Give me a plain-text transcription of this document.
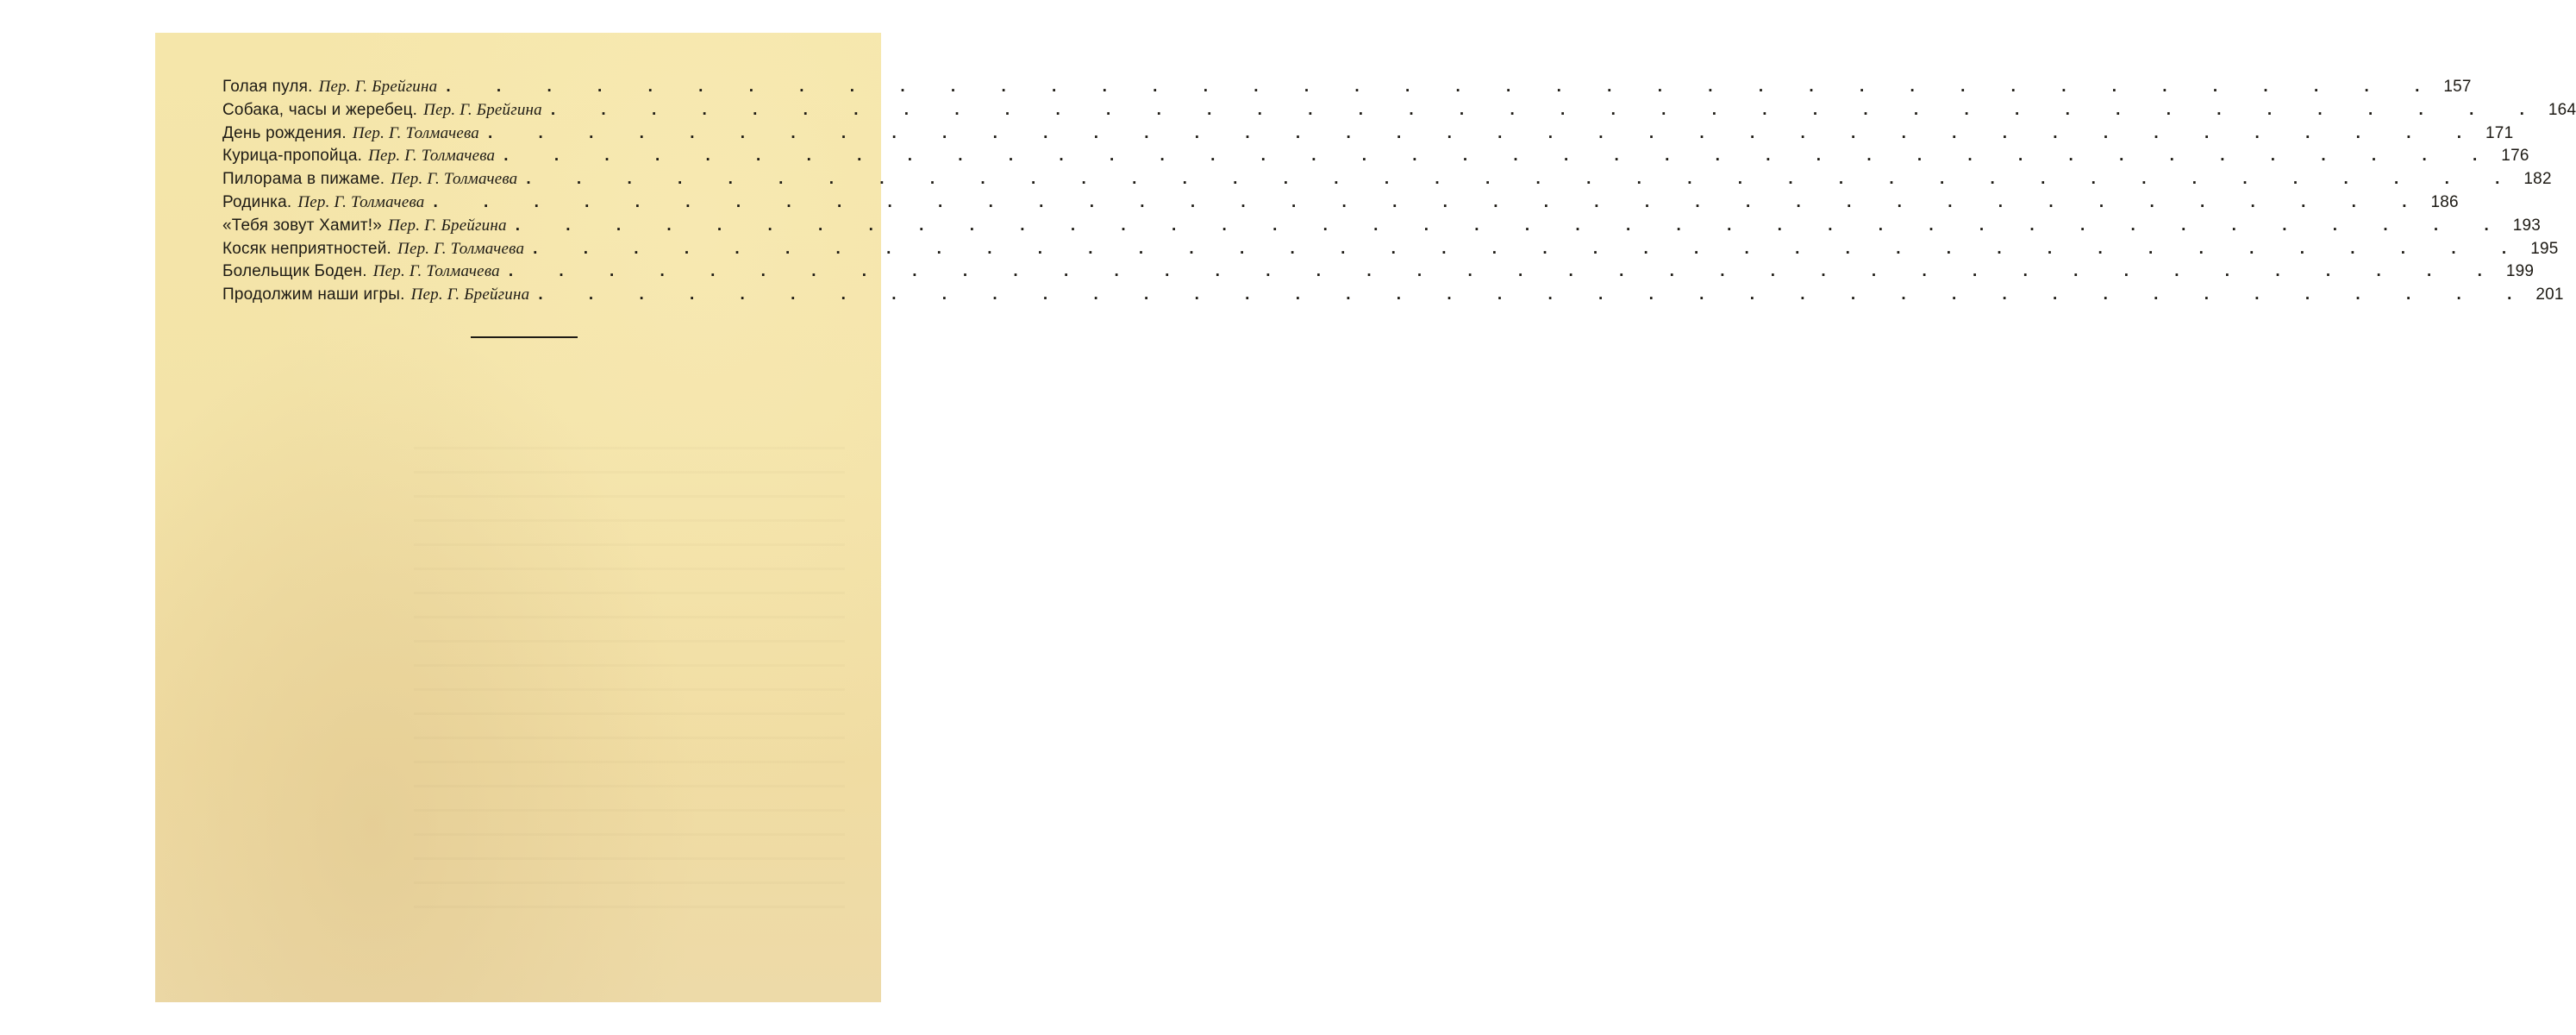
Голая пуля. Пер. Г. Брейгина . . . . . . . . . . . . . . . . . . . . . . . . . . . . . . . . . . . . . . . . 157
Собака, часы и жеребец. Пер. Г. Брейгина . . . . . . . . . . . . . . . . . . . . . . . . . . . . . . . . . . . . . . . . 164
День рождения. Пер. Г. Толмачева . . . . . . . . . . . . . . . . . . . . . . . . . . . . . . . . . . . . . . . . 171
Курица-пропойца. Пер. Г. Толмачева . . . . . . . . . . . . . . . . . . . . . . . . . . . . . . . . . . . . . . . . 176
Пилорама в пижаме. Пер. Г. Толмачева . . . . . . . . . . . . . . . . . . . . . . . . . . . . . . . . . . . . . . . . 182
Родинка. Пер. Г. Толмачева . . . . . . . . . . . . . . . . . . . . . . . . . . . . . . . . . . . . . . . . 186
«Тебя зовут Хамит!» Пер. Г. Брейгина . . . . . . . . . . . . . . . . . . . . . . . . . . . . . . . . . . . . . . . . 193
Косяк неприятностей. Пер. Г. Толмачева . . . . . . . . . . . . . . . . . . . . . . . . . . . . . . . . . . . . . . . . 195
Болельщик Боден. Пер. Г. Толмачева . . . . . . . . . . . . . . . . . . . . . . . . . . . . . . . . . . . . . . . . 199
Продолжим наши игры. Пер. Г. Брейгина . . . . . . . . . . . . . . . . . . . . . . . . . . . . . . . . . . . . . . . . 201
